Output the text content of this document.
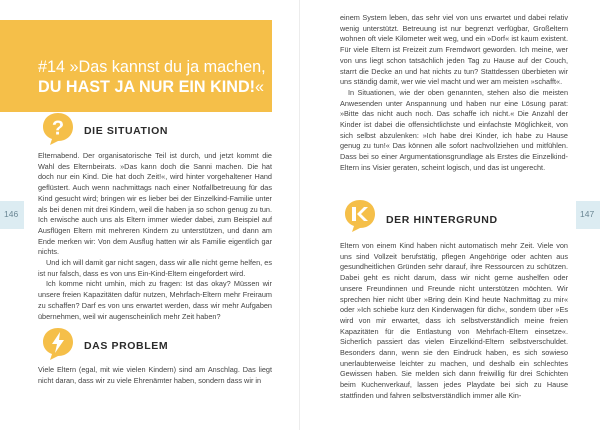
#14 »Das kannst du ja machen, DU HAST JA NUR EIN KIND!«
? DIE SITUATION

Elternabend. Der organisatorische Teil ist durch, und jetzt kommt die Wahl des Elternbeirats. »Das kann doch die Sanni machen. Die hat doch nur ein Kind. Die hat doch Zeit!«, wird hinter vorgehaltener Hand geflüstert. Auch wenn nachmittags nach einer Notfallbetreuung für das Kind gesucht wird; bringen wir es lieber bei der Einzelkind-Familie unter als bei denen mit drei Kindern, weil die haben ja so schon genug zu tun. Ich erwische auch uns als Eltern immer wieder dabei, zum Beispiel auf Ausflügen Eltern mit mehreren Kindern zu unterstützen, und dann am Ende merken wir: Von dem Ausflug hatten wir als Familie eigentlich gar nichts.

Und ich will damit gar nicht sagen, dass wir alle nicht gerne helfen, es ist nur falsch, dass es von uns Ein-Kind-Eltern eingefordert wird.

Ich komme nicht umhin, mich zu fragen: Ist das okay? Müssen wir unsere freien Kapazitäten dafür nutzen, Mehrfach-Eltern mehr Freiraum zu schaffen? Darf es von uns erwartet werden, dass wir mehr Aufgaben übernehmen, weil wir augenscheinlich mehr Zeit haben?

DAS PROBLEM

Viele Eltern (egal, mit wie vielen Kindern) sind am Anschlag. Das liegt nicht daran, dass wir zu viele Ehrenämter haben, sondern dass wir in

146

einem System leben, das sehr viel von uns erwartet und dabei relativ wenig unterstützt. Betreuung ist nur begrenzt verfügbar, Großeltern wohnen oft viele Kilometer weit weg, und ein »Dorf« ist kaum existent. Für viele Eltern ist Freizeit zum Fremdwort geworden. Ich meine, wer von uns liegt schon tatsächlich jeden Tag zu Hause auf der Couch, starrt die Decke an und hat nichts zu tun? Stattdessen überbieten wir uns ständig damit, wer wie viel macht und wer am meisten »schafft«.

In Situationen, wie der oben genannten, stehen also die meisten Anwesenden unter Anspannung und haben nur eine Lösung parat: »Bitte das nicht auch noch. Das schaffe ich nicht.« Die Anzahl der Kinder ist dabei die offensichtlichste und einfachste Möglichkeit, von sich selbst abzulenken: »Ich habe drei Kinder, ich habe zu Hause genug zu tun!« Das können alle sofort nachvollziehen und mitfühlen. Dass bei so einer Argumentationsgrundlage als Erstes die Einzelkind-Eltern ins Visier geraten, scheint logisch, und das ist ungerecht.

DER HINTERGRUND

Eltern von einem Kind haben nicht automatisch mehr Zeit. Viele von uns sind Vollzeit berufstätig, pflegen Angehörige oder achten aus gesundheitlichen Gründen sehr darauf, ihre Ressourcen zu schützen. Dabei geht es nicht darum, dass wir nicht gerne aushelfen oder unsere Freundinnen und Freunde nicht unterstützen möchten. Wir sprechen hier nicht über »Bring dein Kind heute Nachmittag zu mir« oder »Ich schiebe kurz den Kinderwagen für dich«, sondern über »Es wird von mir erwartet, dass ich selbstverständlich meine freien Kapazitäten für die Entlastung von Mehrfach-Eltern einsetze«. Sicherlich passiert das vielen Einzelkind-Eltern selbstverschuldet. Besonders dann, wenn sie den Eindruck haben, es sich sowieso unerlaubterweise leichter zu machen, und deshalb ein schlechtes Gewissen haben. Sie melden sich dann freiwillig für drei Schichten beim Kuchenverkauf, lassen jedes Playdate bei sich zu Hause stattfinden und fahren selbstverständlich immer alle Kin-

147
